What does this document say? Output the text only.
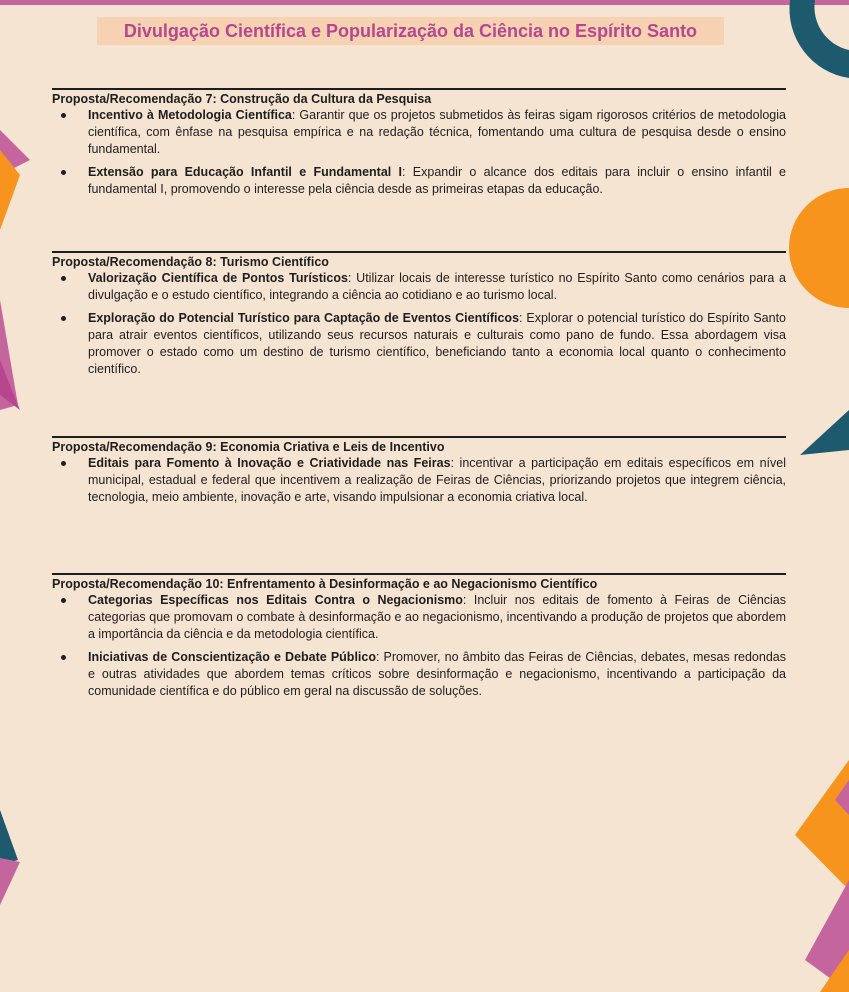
Divulgação Científica e Popularização da Ciência no Espírito Santo
Proposta/Recomendação 7: Construção da Cultura da Pesquisa
Incentivo à Metodologia Científica: Garantir que os projetos submetidos às feiras sigam rigorosos critérios de metodologia científica, com ênfase na pesquisa empírica e na redação técnica, fomentando uma cultura de pesquisa desde o ensino fundamental.
Extensão para Educação Infantil e Fundamental I: Expandir o alcance dos editais para incluir o ensino infantil e fundamental I, promovendo o interesse pela ciência desde as primeiras etapas da educação.
Proposta/Recomendação 8: Turismo Científico
Valorização Científica de Pontos Turísticos: Utilizar locais de interesse turístico no Espírito Santo como cenários para a divulgação e o estudo científico, integrando a ciência ao cotidiano e ao turismo local.
Exploração do Potencial Turístico para Captação de Eventos Científicos: Explorar o potencial turístico do Espírito Santo para atrair eventos científicos, utilizando seus recursos naturais e culturais como pano de fundo. Essa abordagem visa promover o estado como um destino de turismo científico, beneficiando tanto a economia local quanto o conhecimento científico.
Proposta/Recomendação 9: Economia Criativa e Leis de Incentivo
Editais para Fomento à Inovação e Criatividade nas Feiras: incentivar a participação em editais específicos em nível municipal, estadual e federal que incentivem a realização de Feiras de Ciências, priorizando projetos que integrem ciência, tecnologia, meio ambiente, inovação e arte, visando impulsionar a economia criativa local.
Proposta/Recomendação 10: Enfrentamento à Desinformação e ao Negacionismo Científico
Categorias Específicas nos Editais Contra o Negacionismo: Incluir nos editais de fomento à Feiras de Ciências categorias que promovam o combate à desinformação e ao negacionismo, incentivando a produção de projetos que abordem a importância da ciência e da metodologia científica.
Iniciativas de Conscientização e Debate Público: Promover, no âmbito das Feiras de Ciências, debates, mesas redondas e outras atividades que abordem temas críticos sobre desinformação e negacionismo, incentivando a participação da comunidade científica e do público em geral na discussão de soluções.
